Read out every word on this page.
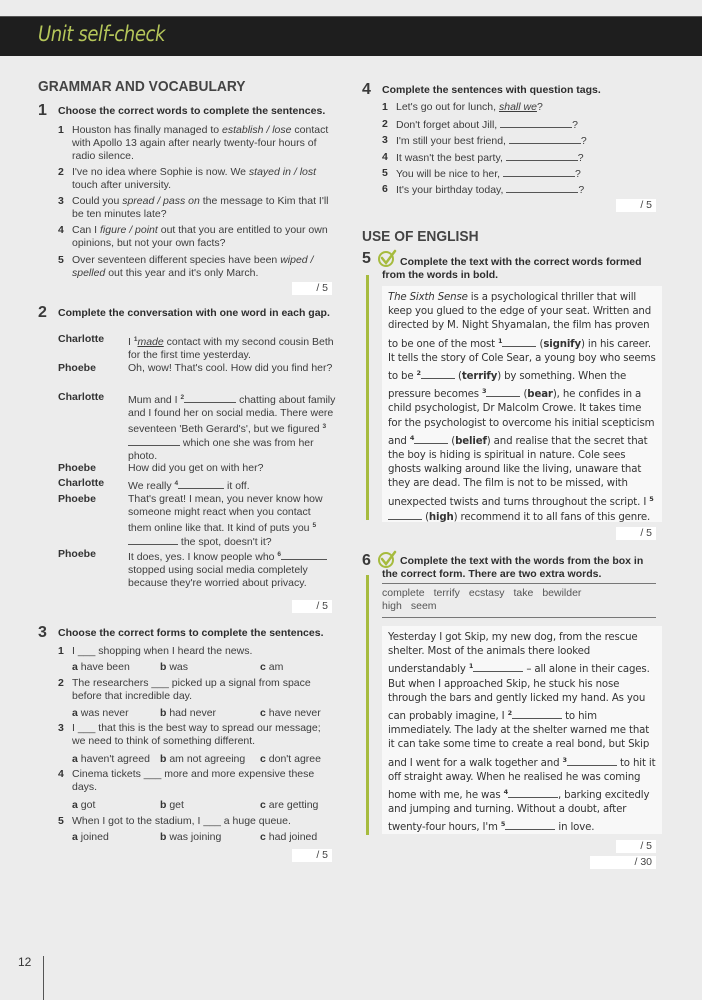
Unit self-check
GRAMMAR AND VOCABULARY
1 Choose the correct words to complete the sentences.
1 Houston has finally managed to establish / lose contact with Apollo 13 again after nearly twenty-four hours of radio silence.
2 I've no idea where Sophie is now. We stayed in / lost touch after university.
3 Could you spread / pass on the message to Kim that I'll be ten minutes late?
4 Can I figure / point out that you are entitled to your own opinions, but not your own facts?
5 Over seventeen different species have been wiped / spelled out this year and it's only March.
/ 5
2 Complete the conversation with one word in each gap.
Charlotte	I $^1$made contact with my second cousin Beth for the first time yesterday.
Phoebe	Oh, wow! That's cool. How did you find her?
Charlotte	Mum and I $^2$	chatting about family and I found her on social media. There were seventeen 'Beth Gerard's', but we figured $^3$ which one she was from her photo.
Phoebe	How did you get on with her?
Charlotte	We really $^4$	it off.
Phoebe	That's great! I mean, you never know how someone might react when you contact them online like that. It kind of puts you $^5$ the spot, doesn't it?
Phoebe	It does, yes. I know people who $^6$ stopped using social media completely because they're worried about privacy.
/ 5
3 Choose the correct forms to complete the sentences.
1 I ___ shopping when I heard the news.
a have been	b was	c am
2 The researchers ___ picked up a signal from space before that incredible day.
a was never	b had never	c have never
3 I ___ that this is the best way to spread our message; we need to think of something different.
a haven't agreed b am not agreeing c don't agree
4 Cinema tickets ___ more and more expensive these days.
a got	b get	c are getting
5 When I got to the stadium, I ___ a huge queue.
a joined	b was joining	c had joined
/ 5
4 Complete the sentences with question tags.
1 Let's go out for lunch, shall we?
2 Don't forget about Jill,	?
3 I'm still your best friend,	?
4 It wasn't the best party,	?
5 You will be nice to her,	?
6 It's your birthday today,	?
/ 5
USE OF ENGLISH
5	Complete the text with the correct words formed from the words in bold.
The Sixth Sense is a psychological thriller that will keep you glued to the edge of your seat. Written and directed by M. Night Shyamalan, the film has proven to be one of the most $^1$	(signify) in his career. It tells the story of Cole Sear, a young boy who seems to be $^2$	(terrify) by something. When the pressure becomes $^3$	(bear), he confides in a child psychologist, Dr Malcolm Crowe. It takes time for the psychologist to overcome his initial scepticism and $^4$	(belief) and realise that the secret that the boy is hiding is spiritual in nature. Cole sees ghosts walking around like the living, unaware that they are dead. The film is not to be missed, with unexpected twists and turns throughout the script. I $^5$ (high) recommend it to all fans of this genre.
/ 5
6	Complete the text with the words from the box in the correct form. There are two extra words.
complete terrify ecstasy take bewilder
high seem
Yesterday I got Skip, my new dog, from the rescue shelter. Most of the animals there looked understandably $^1$	– all alone in their cages. But when I approached Skip, he stuck his nose through the bars and gently licked my hand. As you can probably imagine, I $^2$	to him immediately. The lady at the shelter warned me that it can take some time to create a real bond, but Skip and I went for a walk together and $^3$	to hit it off straight away. When he realised he was coming home with me, he was $^4$	, barking excitedly and jumping and turning. Without a doubt, after twenty-four hours, I'm $^5$	in love.
/ 5
/ 30
12
